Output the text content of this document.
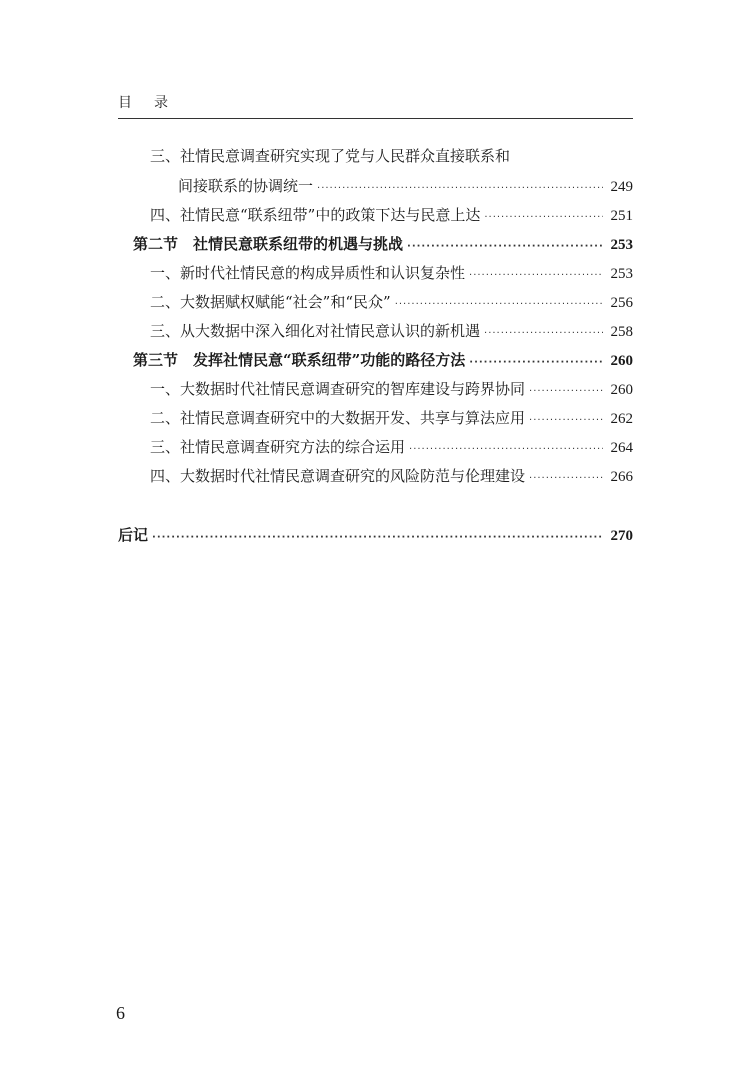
目录
三、社情民意调查研究实现了党与人民群众直接联系和
间接联系的协调统一 ·····	249
四、社情民意“联系纽带”中的政策下达与民意上达 ·····	251
第二节　社情民意联系纽带的机遇与挑战 ·····	253
一、新时代社情民意的构成异质性和认识复杂性 ·····	253
二、大数据赋权赋能“社会”和“民众” ·····	256
三、从大数据中深入细化对社情民意认识的新机遇 ·····	258
第三节　发挥社情民意“联系纽带”功能的路径方法 ·····	260
一、大数据时代社情民意调查研究的智库建设与跨界协同 ·····	260
二、社情民意调查研究中的大数据开发、共享与算法应用 ·····	262
三、社情民意调查研究方法的综合运用 ·····	264
四、大数据时代社情民意调查研究的风险防范与伦理建设 ·····	266
后记 ·····	270
6
